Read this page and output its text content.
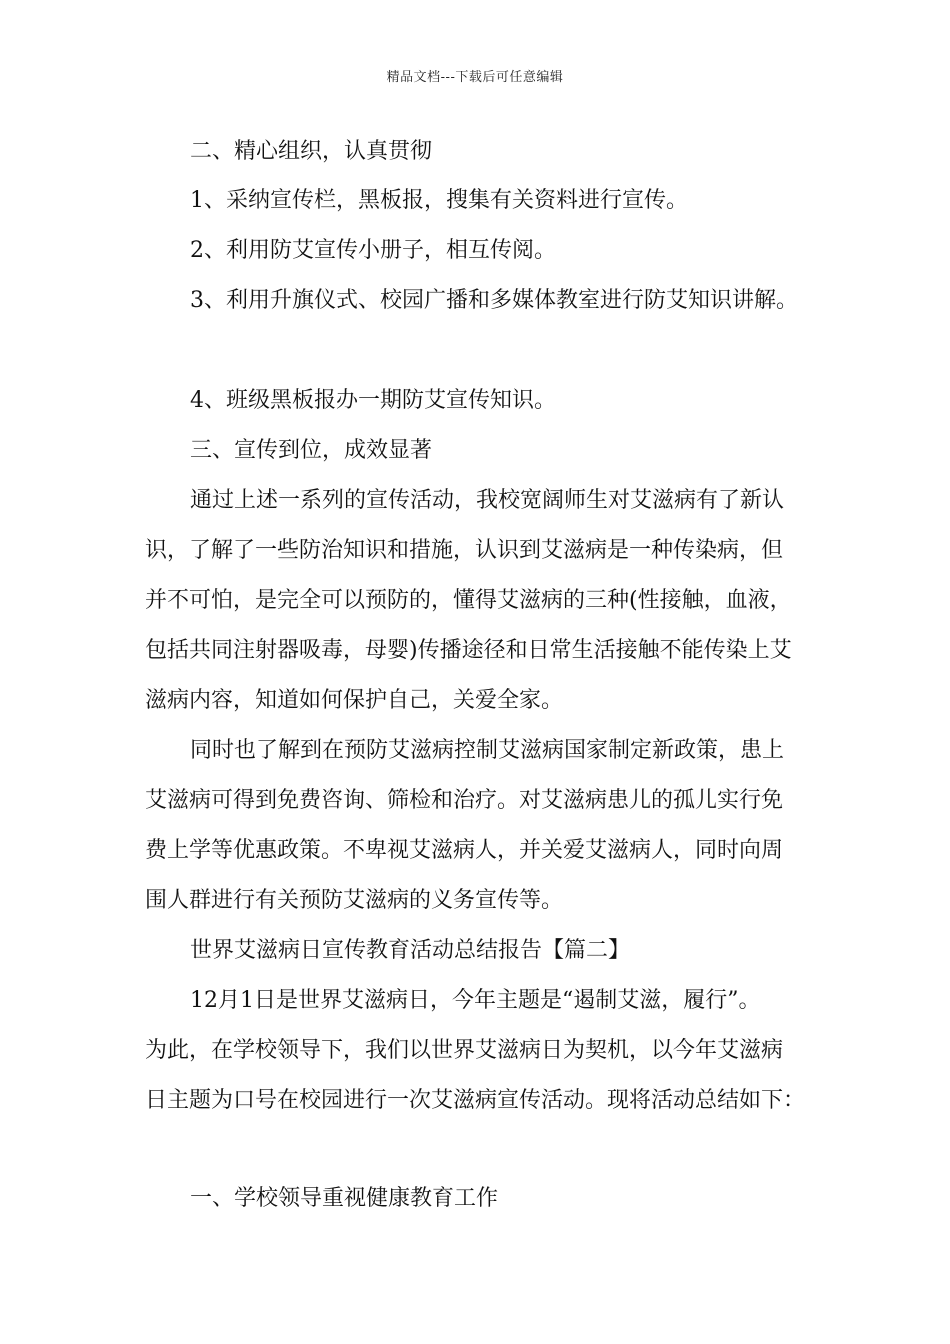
精品文档---下载后可任意编辑
二、精心组织，认真贯彻
1、采纳宣传栏，黑板报，搜集有关资料进行宣传。
2、利用防艾宣传小册子，相互传阅。
3、利用升旗仪式、校园广播和多媒体教室进行防艾知识讲解。
4、班级黑板报办一期防艾宣传知识。
三、宣传到位，成效显著
通过上述一系列的宣传活动，我校宽阔师生对艾滋病有了新认
识，了解了一些防治知识和措施，认识到艾滋病是一种传染病，但
并不可怕，是完全可以预防的，懂得艾滋病的三种(性接触，血液，
包括共同注射器吸毒，母婴)传播途径和日常生活接触不能传染上艾
滋病内容，知道如何保护自己，关爱全家。
同时也了解到在预防艾滋病控制艾滋病国家制定新政策，患上
艾滋病可得到免费咨询、筛检和治疗。对艾滋病患儿的孤儿实行免
费上学等优惠政策。不卑视艾滋病人，并关爱艾滋病人，同时向周
围人群进行有关预防艾滋病的义务宣传等。
世界艾滋病日宣传教育活动总结报告【篇二】
12月1日是世界艾滋病日，今年主题是“遏制艾滋，履行”。
为此，在学校领导下，我们以世界艾滋病日为契机，以今年艾滋病
日主题为口号在校园进行一次艾滋病宣传活动。现将活动总结如下：
一、学校领导重视健康教育工作
